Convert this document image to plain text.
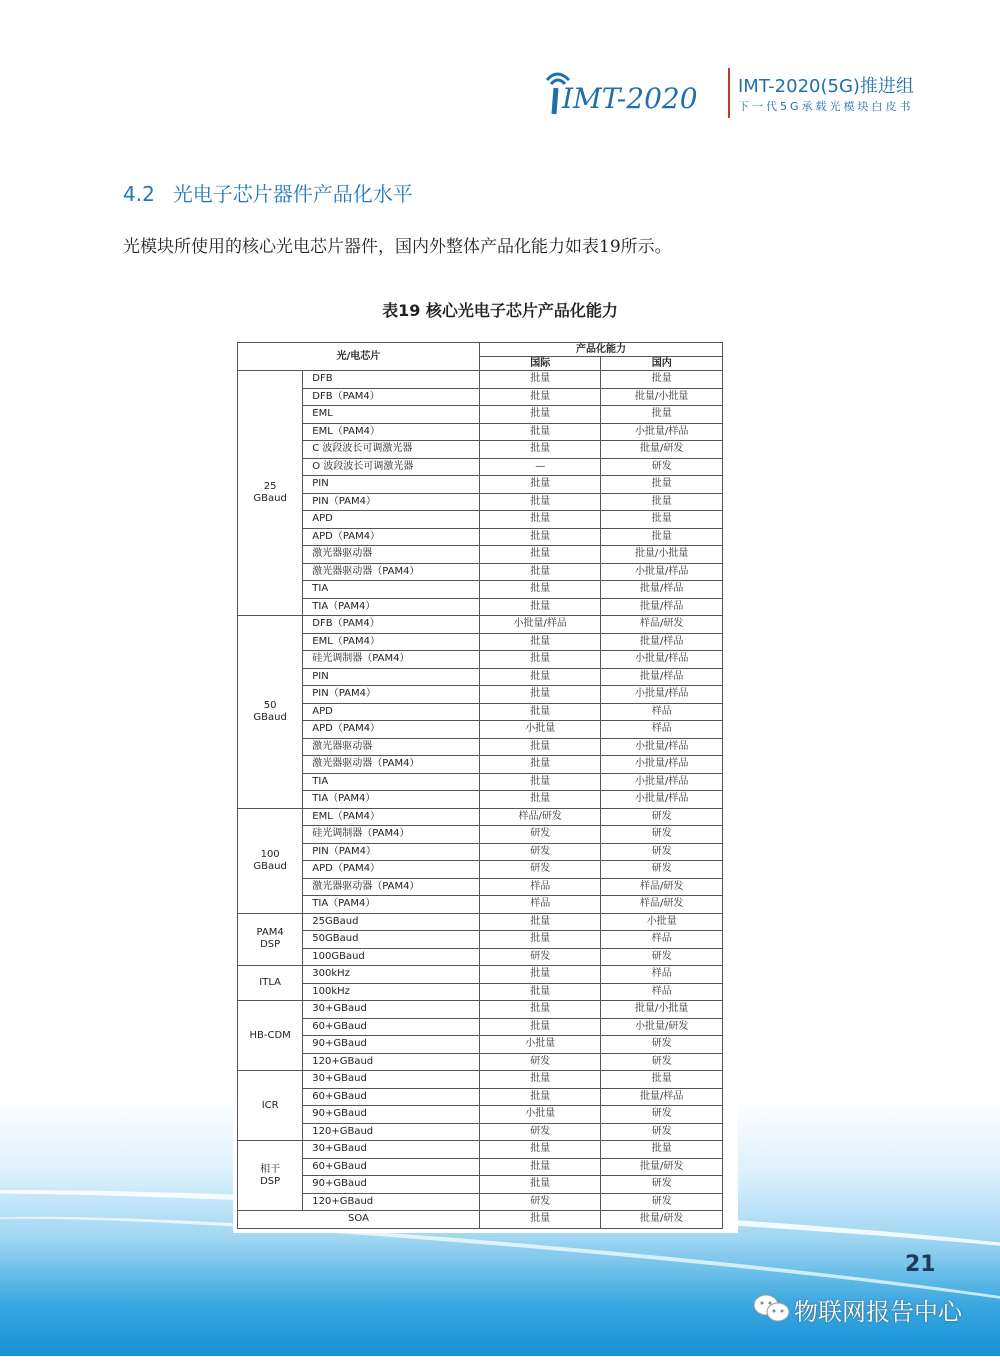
IMT-2020 IMT-2020(5G)推进组
下一代5G承载光模块白皮书
4.2 光电子芯片器件产品化水平
光模块所使用的核心光电芯片器件，国内外整体产品化能力如表19所示。
表19 核心光电子芯片产品化能力
光/电芯片		产品化能力	
		国际	国内
25
GBaud	DFB	批量	批量
	DFB（PAM4）	批量	批量/小批量
	EML	批量	批量
	EML（PAM4）	批量	小批量/样品
	C 波段波长可调激光器	批量	批量/研发
	O 波段波长可调激光器	—	研发
	PIN	批量	批量
	PIN（PAM4）	批量	批量
	APD	批量	批量
	APD（PAM4）	批量	批量
	激光器驱动器	批量	批量/小批量
	激光器驱动器（PAM4）	批量	小批量/样品
	TIA	批量	批量/样品
	TIA（PAM4）	批量	批量/样品
50
GBaud	DFB（PAM4）	小批量/样品	样品/研发
	EML（PAM4）	批量	批量/样品
	硅光调制器（PAM4）	批量	小批量/样品
	PIN	批量	批量/样品
	PIN（PAM4）	批量	小批量/样品
	APD	批量	样品
	APD（PAM4）	小批量	样品
	激光器驱动器	批量	小批量/样品
	激光器驱动器（PAM4）	批量	小批量/样品
	TIA	批量	小批量/样品
	TIA（PAM4）	批量	小批量/样品
100
GBaud	EML（PAM4）	样品/研发	研发
	硅光调制器（PAM4）	研发	研发
	PIN（PAM4）	研发	研发
	APD（PAM4）	研发	研发
	激光器驱动器（PAM4）	样品	样品/研发
	TIA（PAM4）	样品	样品/研发
PAM4
DSP	25GBaud	批量	小批量
	50GBaud	批量	样品
	100GBaud	研发	研发
ITLA	300kHz	批量	样品
	100kHz	批量	样品
HB-CDM	30+GBaud	批量	批量/小批量
	60+GBaud	批量	小批量/研发
	90+GBaud	小批量	研发
	120+GBaud	研发	研发
ICR	30+GBaud	批量	批量
	60+GBaud	批量	批量/样品
	90+GBaud	小批量	研发
	120+GBaud	研发	研发
相干
DSP	30+GBaud	批量	批量
	60+GBaud	批量	批量/研发
	90+GBaud	批量	研发
	120+GBaud	研发	研发
SOA		批量	批量/研发
21
物联网报告中心
